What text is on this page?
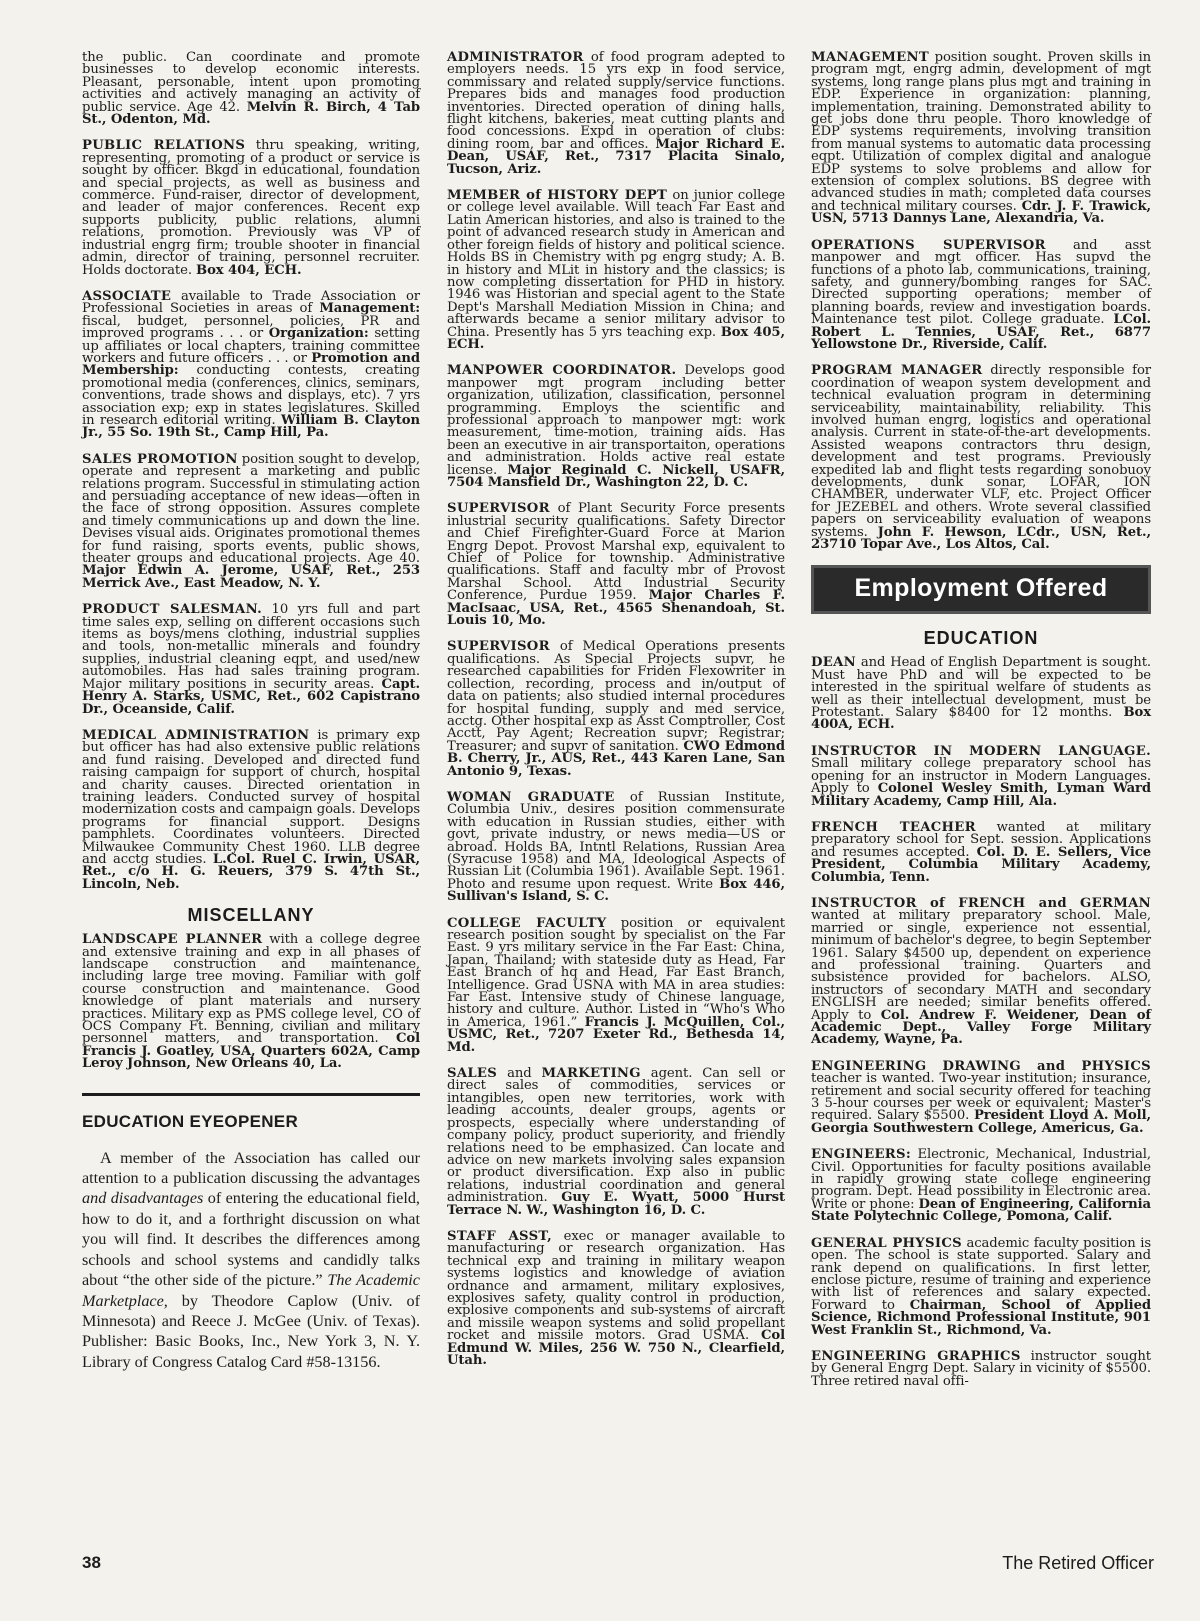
the public. Can coordinate and promote businesses to develop economic interests. Pleasant, personable, intent upon promoting activities and actively managing an activity of public service. Age 42. Melvin R. Birch, 4 Tab St., Odenton, Md.

PUBLIC RELATIONS thru speaking, writing, representing, promoting of a product or service is sought by officer. Bkgd in educational, foundation and special projects, as well as business and commerce. Fund-raiser, director of development, and leader of major conferences. Recent exp supports publicity, public relations, alumni relations, promotion. Previously was VP of industrial engrg firm; trouble shooter in financial admin, director of training, personnel recruiter. Holds doctorate. Box 404, ECH.

ASSOCIATE available to Trade Association or Professional Societies in areas of Management: fiscal, budget, personnel, policies, PR and improved programs . . . or Organization: setting up affiliates or local chapters, training committee workers and future officers . . . or Promotion and Membership: conducting contests, creating promotional media (conferences, clinics, seminars, conventions, trade shows and displays, etc). 7 yrs association exp; exp in states legislatures. Skilled in research editorial writing. William B. Clayton Jr., 55 So. 19th St., Camp Hill, Pa.

SALES PROMOTION position sought to develop, operate and represent a marketing and public relations program. Successful in stimulating action and persuading acceptance of new ideas—often in the face of strong opposition. Assures complete and timely communications up and down the line. Devises visual aids. Originates promotional themes for fund raising, sports events, public shows, theater groups and educational projects. Age 40. Major Edwin A. Jerome, USAF, Ret., 253 Merrick Ave., East Meadow, N. Y.

PRODUCT SALESMAN. 10 yrs full and part time sales exp, selling on different occasions such items as boys/mens clothing, industrial supplies and tools, non-metallic minerals and foundry supplies, industrial cleaning eqpt, and used/new automobiles. Has had sales training program. Major military positions in security areas. Capt. Henry A. Starks, USMC, Ret., 602 Capistrano Dr., Oceanside, Calif.

MEDICAL ADMINISTRATION is primary exp but officer has had also extensive public relations and fund raising. Developed and directed fund raising campaign for support of church, hospital and charity causes. Directed orientation in training leaders. Conducted survey of hospital modernization costs and campaign goals. Develops programs for financial support. Designs pamphlets. Coordinates volunteers. Directed Milwaukee Community Chest 1960. LLB degree and acctg studies. L.Col. Ruel C. Irwin, USAR, Ret., c/o H. G. Reuers, 379 S. 47th St., Lincoln, Neb.

MISCELLANY

LANDSCAPE PLANNER with a college degree and extensive training and exp in all phases of landscape construction and maintenance, including large tree moving. Familiar with golf course construction and maintenance. Good knowledge of plant materials and nursery practices. Military exp as PMS college level, CO of OCS Company Ft. Benning, civilian and military personnel matters, and transportation. Col Francis J. Goatley, USA, Quarters 602A, Camp Leroy Johnson, New Orleans 40, La.

EDUCATION EYEOPENER

A member of the Association has called our attention to a publication discussing the advantages and disadvantages of entering the educational field, how to do it, and a forthright discussion on what you will find. It describes the differences among schools and school systems and candidly talks about “the other side of the picture.” The Academic Marketplace, by Theodore Caplow (Univ. of Minnesota) and Reece J. McGee (Univ. of Texas). Publisher: Basic Books, Inc., New York 3, N. Y. Library of Congress Catalog Card #58-13156.

ADMINISTRATOR of food program adepted to employers needs. 15 yrs exp in food service, commissary and related supply/service functions. Prepares bids and manages food production inventories. Directed operation of dining halls, flight kitchens, bakeries, meat cutting plants and food concessions. Expd in operation of clubs: dining room, bar and offices. Major Richard E. Dean, USAF, Ret., 7317 Placita Sinalo, Tucson, Ariz.

MEMBER of HISTORY DEPT on junior college or college level available. Will teach Far East and Latin American histories, and also is trained to the point of advanced research study in American and other foreign fields of history and political science. Holds BS in Chemistry with pg engrg study; A. B. in history and MLit in history and the classics; is now completing dissertation for PHD in history. 1946 was Historian and special agent to the State Dept's Marshall Mediation Mission in China; and afterwards became a senior military advisor to China. Presently has 5 yrs teaching exp. Box 405, ECH.

MANPOWER COORDINATOR. Develops good manpower mgt program including better organization, utilization, classification, personnel programming. Employs the scientific and professional approach to manpower mgt: work measurement, time-motion, training aids. Has been an executive in air transportaiton, operations and administration. Holds active real estate license. Major Reginald C. Nickell, USAFR, 7504 Mansfield Dr., Washington 22, D. C.

SUPERVISOR of Plant Security Force presents inlustrial security qualifications. Safety Director and Chief Firefighter-Guard Force at Marion Engrg Depot. Provost Marshal exp, equivalent to Chief of Police for township. Administrative qualifications. Staff and faculty mbr of Provost Marshal School. Attd Industrial Security Conference, Purdue 1959. Major Charles F. MacIsaac, USA, Ret., 4565 Shenandoah, St. Louis 10, Mo.

SUPERVISOR of Medical Operations presents qualifications. As Special Projects supvr, he researched capabilities for Friden Flexowriter in collection, recording, process and in/output of data on patients; also studied internal procedures for hospital funding, supply and med service, acctg. Other hospital exp as Asst Comptroller, Cost Acctt, Pay Agent; Recreation supvr; Registrar; Treasurer; and supvr of sanitation. CWO Edmond B. Cherry, Jr., AUS, Ret., 443 Karen Lane, San Antonio 9, Texas.

WOMAN GRADUATE of Russian Institute, Columbia Univ., desires position commensurate with education in Russian studies, either with govt, private industry, or news media—US or abroad. Holds BA, Intntl Relations, Russian Area (Syracuse 1958) and MA, Ideological Aspects of Russian Lit (Columbia 1961). Available Sept. 1961. Photo and resume upon request. Write Box 446, Sullivan's Island, S. C.

COLLEGE FACULTY position or equivalent research position sought by specialist on the Far East. 9 yrs military service in the Far East: China, Japan, Thailand; with stateside duty as Head, Far East Branch of hq and Head, Far East Branch, Intelligence. Grad USNA with MA in area studies: Far East. Intensive study of Chinese language, history and culture. Author. Listed in “Who's Who in America, 1961.” Francis J. McQuillen, Col., USMC, Ret., 7207 Exeter Rd., Bethesda 14, Md.

SALES and MARKETING agent. Can sell or direct sales of commodities, services or intangibles, open new territories, work with leading accounts, dealer groups, agents or prospects, especially where understanding of company policy, product superiority, and friendly relations need to be emphasized. Can locate and advice on new markets involving sales expansion or product diversification. Exp also in public relations, industrial coordination and general administration. Guy E. Wyatt, 5000 Hurst Terrace N. W., Washington 16, D. C.

STAFF ASST, exec or manager available to manufacturing or research organization. Has technical exp and training in military weapon systems logistics and knowledge of aviation ordnance and armament, military explosives, explosives safety, quality control in production, explosive components and sub-systems of aircraft and missile weapon systems and solid propellant rocket and missile motors. Grad USMA. Col Edmund W. Miles, 256 W. 750 N., Clearfield, Utah.

MANAGEMENT position sought. Proven skills in program mgt, engrg admin, development of mgt systems, long range plans plus mgt and training in EDP. Experience in organization: planning, implementation, training. Demonstrated ability to get jobs done thru people. Thoro knowledge of EDP systems requirements, involving transition from manual systems to automatic data processing eqpt. Utilization of complex digital and analogue EDP systems to solve problems and allow for extension of complex solutions. BS degree with advanced studies in math; completed data courses and technical military courses. Cdr. J. F. Trawick, USN, 5713 Dannys Lane, Alexandria, Va.

OPERATIONS SUPERVISOR and asst manpower and mgt officer. Has supvd the functions of a photo lab, communications, training, safety, and gunnery/bombing ranges for SAC. Directed supporting operations; member of planning boards, review and investigation boards. Maintenance test pilot. College graduate. LCol. Robert L. Tennies, USAF, Ret., 6877 Yellowstone Dr., Riverside, Calif.

PROGRAM MANAGER directly responsible for coordination of weapon system development and technical evaluation program in determining serviceability, maintainability, reliability. This involved human engrg, logistics and operational analysis. Current in state-of-the-art developments. Assisted weapons contractors thru design, development and test programs. Previously expedited lab and flight tests regarding sonobuoy developments, dunk sonar, LOFAR, ION CHAMBER, underwater VLF, etc. Project Officer for JEZEBEL and others. Wrote several classified papers on serviceability evaluation of weapons systems. John F. Hewson, LCdr., USN, Ret., 23710 Topar Ave., Los Altos, Cal.

Employment Offered
EDUCATION

DEAN and Head of English Department is sought. Must have PhD and will be expected to be interested in the spiritual welfare of students as well as their intellectual development, must be Protestant. Salary $8400 for 12 months. Box 400A, ECH.

INSTRUCTOR IN MODERN LANGUAGE. Small military college preparatory school has opening for an instructor in Modern Languages. Apply to Colonel Wesley Smith, Lyman Ward Military Academy, Camp Hill, Ala.

FRENCH TEACHER wanted at military preparatory school for Sept. session. Applications and resumes accepted. Col. D. E. Sellers, Vice President, Columbia Military Academy, Columbia, Tenn.

INSTRUCTOR of FRENCH and GERMAN wanted at military preparatory school. Male, married or single, experience not essential, minimum of bachelor's degree, to begin September 1961. Salary $4500 up, dependent on experience and professional training. Quarters and subsistence provided for bachelors. ALSO, instructors of secondary MATH and secondary ENGLISH are needed; similar benefits offered. Apply to Col. Andrew F. Weidener, Dean of Academic Dept., Valley Forge Military Academy, Wayne, Pa.

ENGINEERING DRAWING and PHYSICS teacher is wanted. Two-year institution; insurance, retirement and social security offered for teaching 3 5-hour courses per week or equivalent; Master's required. Salary $5500. President Lloyd A. Moll, Georgia Southwestern College, Americus, Ga.

ENGINEERS: Electronic, Mechanical, Industrial, Civil. Opportunities for faculty positions available in rapidly growing state college engineering program. Dept. Head possibility in Electronic area. Write or phone: Dean of Engineering, California State Polytechnic College, Pomona, Calif.

GENERAL PHYSICS academic faculty position is open. The school is state supported. Salary and rank depend on qualifications. In first letter, enclose picture, resume of training and experience with list of references and salary expected. Forward to Chairman, School of Applied Science, Richmond Professional Institute, 901 West Franklin St., Richmond, Va.

ENGINEERING GRAPHICS instructor sought by General Engrg Dept. Salary in vicinity of $5500. Three retired naval offi-

38	The Retired Officer
